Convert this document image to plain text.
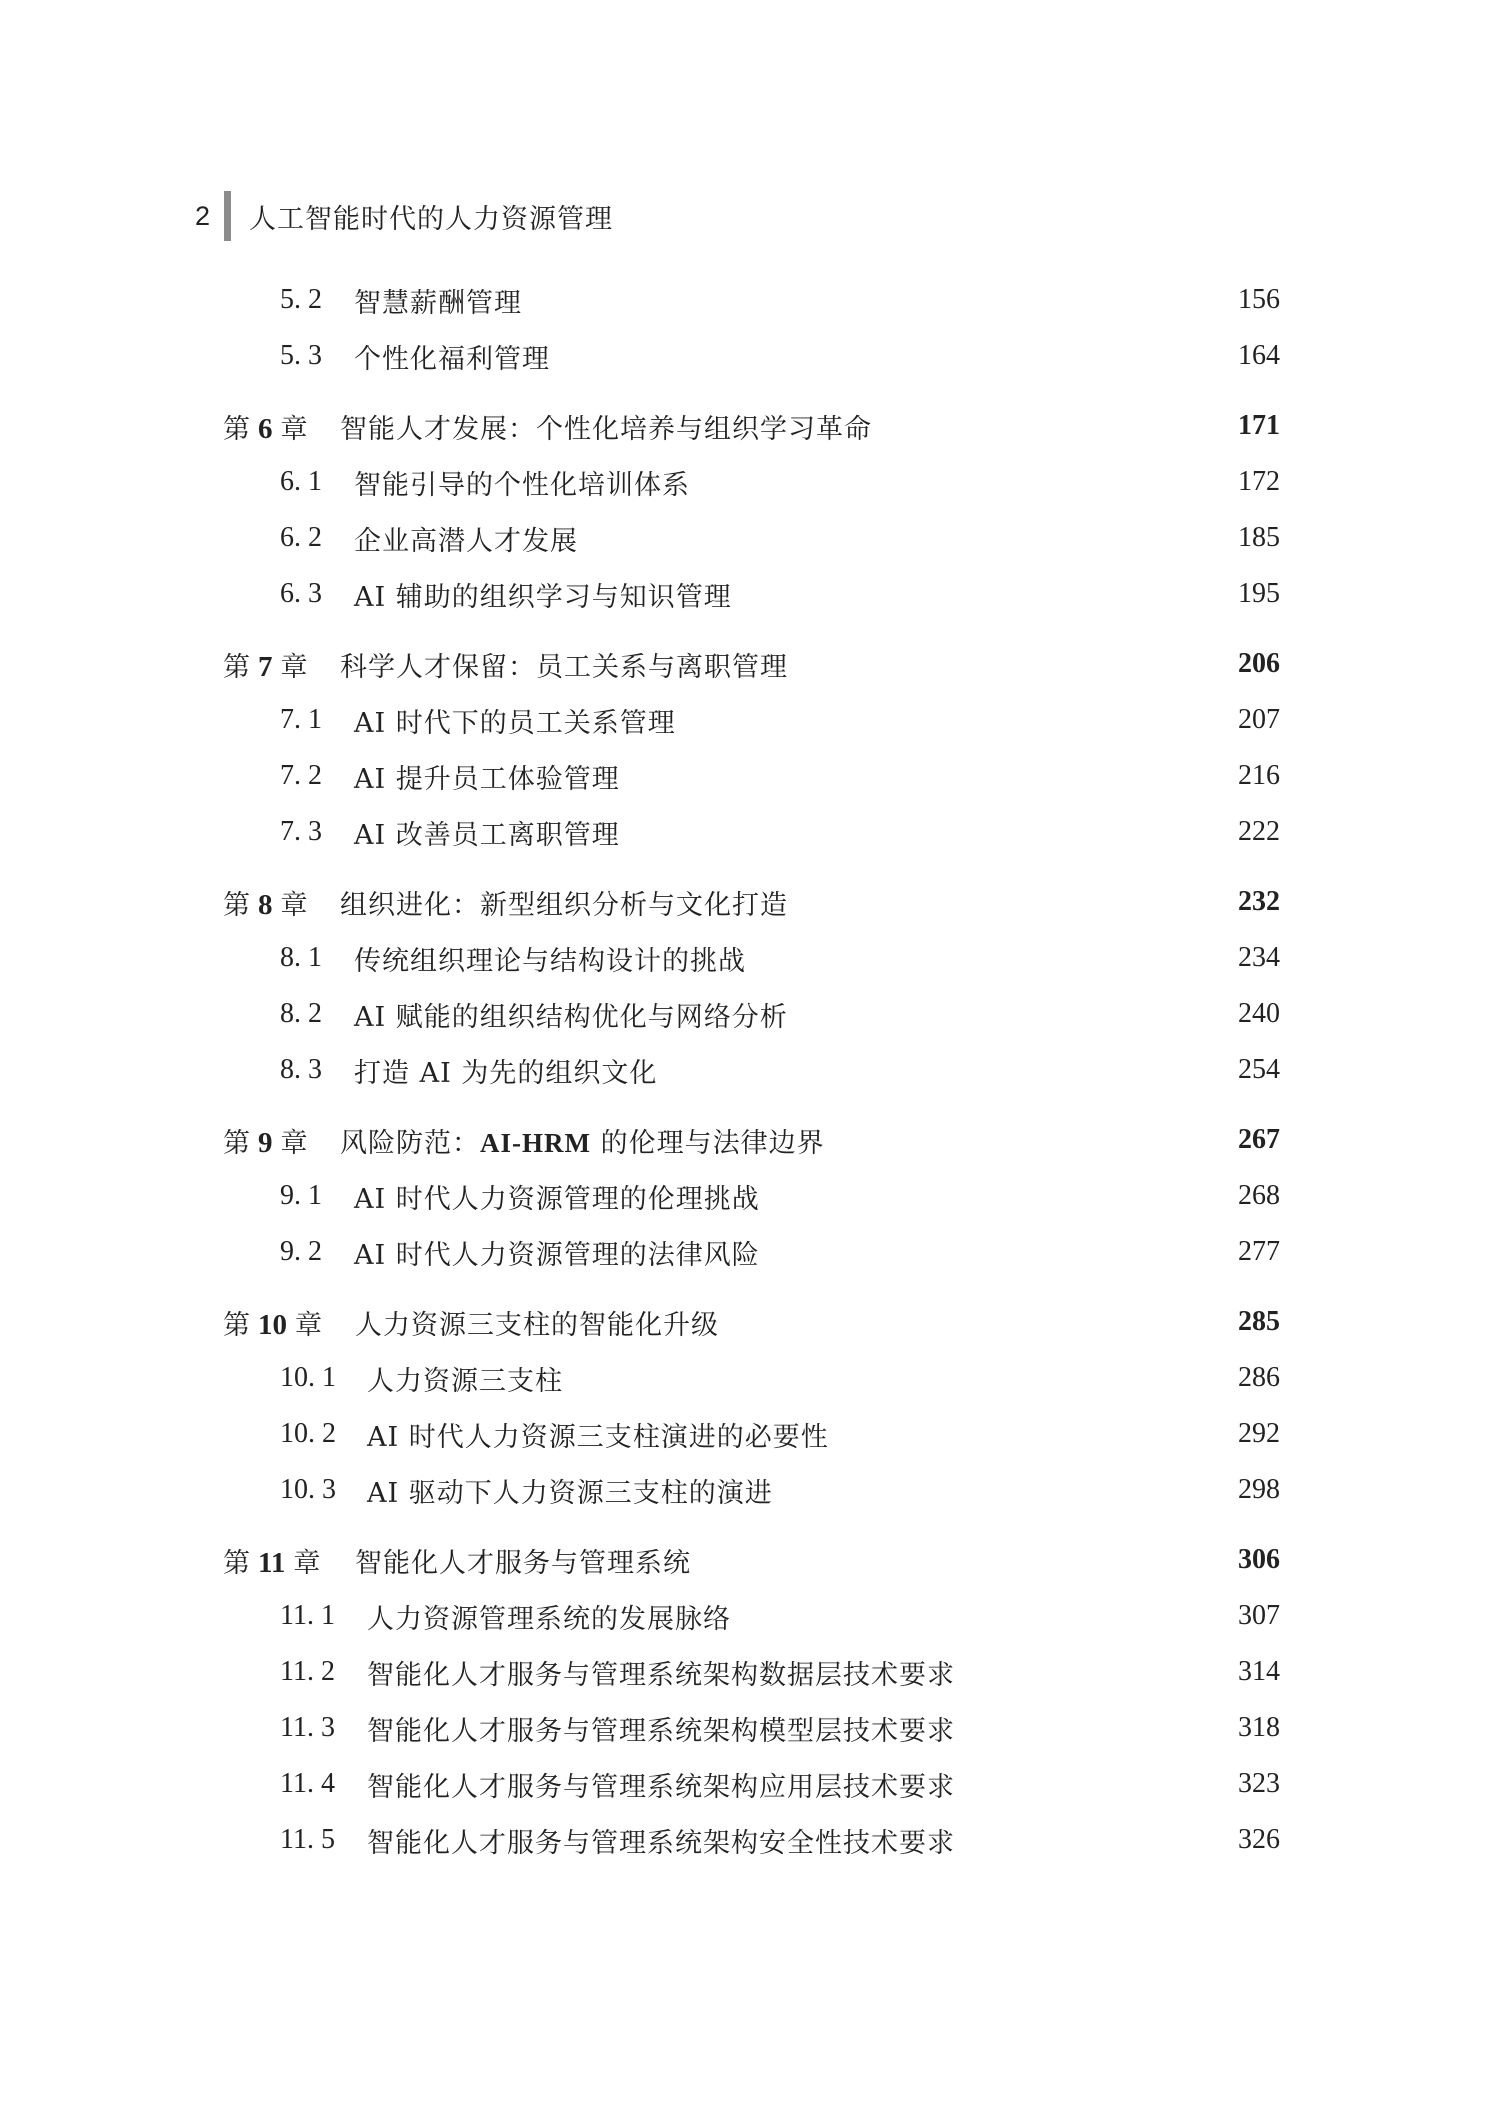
2 人工智能时代的人力资源管理
5. 2 智慧薪酬管理	156
5. 3 个性化福利管理	164
第 6 章 智能人才发展：个性化培养与组织学习革命	171
6. 1 智能引导的个性化培训体系	172
6. 2 企业高潜人才发展	185
6. 3 AI 辅助的组织学习与知识管理	195
第 7 章 科学人才保留：员工关系与离职管理	206
7. 1 AI 时代下的员工关系管理	207
7. 2 AI 提升员工体验管理	216
7. 3 AI 改善员工离职管理	222
第 8 章 组织进化：新型组织分析与文化打造	232
8. 1 传统组织理论与结构设计的挑战	234
8. 2 AI 赋能的组织结构优化与网络分析	240
8. 3 打造 AI 为先的组织文化	254
第 9 章 风险防范：AI-HRM 的伦理与法律边界	267
9. 1 AI 时代人力资源管理的伦理挑战	268
9. 2 AI 时代人力资源管理的法律风险	277
第 10 章 人力资源三支柱的智能化升级	285
10. 1 人力资源三支柱	286
10. 2 AI 时代人力资源三支柱演进的必要性	292
10. 3 AI 驱动下人力资源三支柱的演进	298
第 11 章 智能化人才服务与管理系统	306
11. 1 人力资源管理系统的发展脉络	307
11. 2 智能化人才服务与管理系统架构数据层技术要求	314
11. 3 智能化人才服务与管理系统架构模型层技术要求	318
11. 4 智能化人才服务与管理系统架构应用层技术要求	323
11. 5 智能化人才服务与管理系统架构安全性技术要求	326
